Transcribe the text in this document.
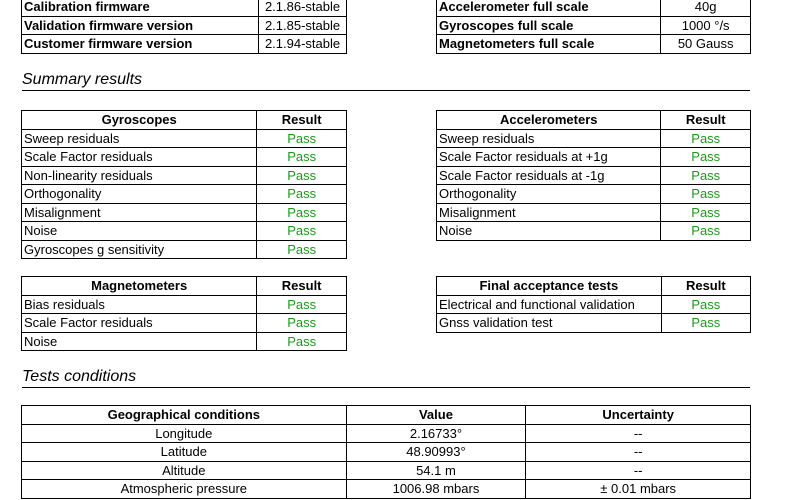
Calibration firmware	2.1.86-stable
Validation firmware version	2.1.85-stable
Customer firmware version	2.1.94-stable
Accelerometer full scale	40g
Gyroscopes full scale	1000 °/s
Magnetometers full scale	50 Gauss
Summary results
Gyroscopes	Result
Sweep residuals	Pass
Scale Factor residuals	Pass
Non-linearity residuals	Pass
Orthogonality	Pass
Misalignment	Pass
Noise	Pass
Gyroscopes g sensitivity	Pass
Accelerometers	Result
Sweep residuals	Pass
Scale Factor residuals at +1g	Pass
Scale Factor residuals at -1g	Pass
Orthogonality	Pass
Misalignment	Pass
Noise	Pass
Magnetometers	Result
Bias residuals	Pass
Scale Factor residuals	Pass
Noise	Pass
Final acceptance tests	Result
Electrical and functional validation	Pass
Gnss validation test	Pass
Tests conditions
Geographical conditions	Value	Uncertainty
Longitude	2.16733°	--
Latitude	48.90993°	--
Altitude	54.1 m	--
Atmospheric pressure	1006.98 mbars	± 0.01 mbars
